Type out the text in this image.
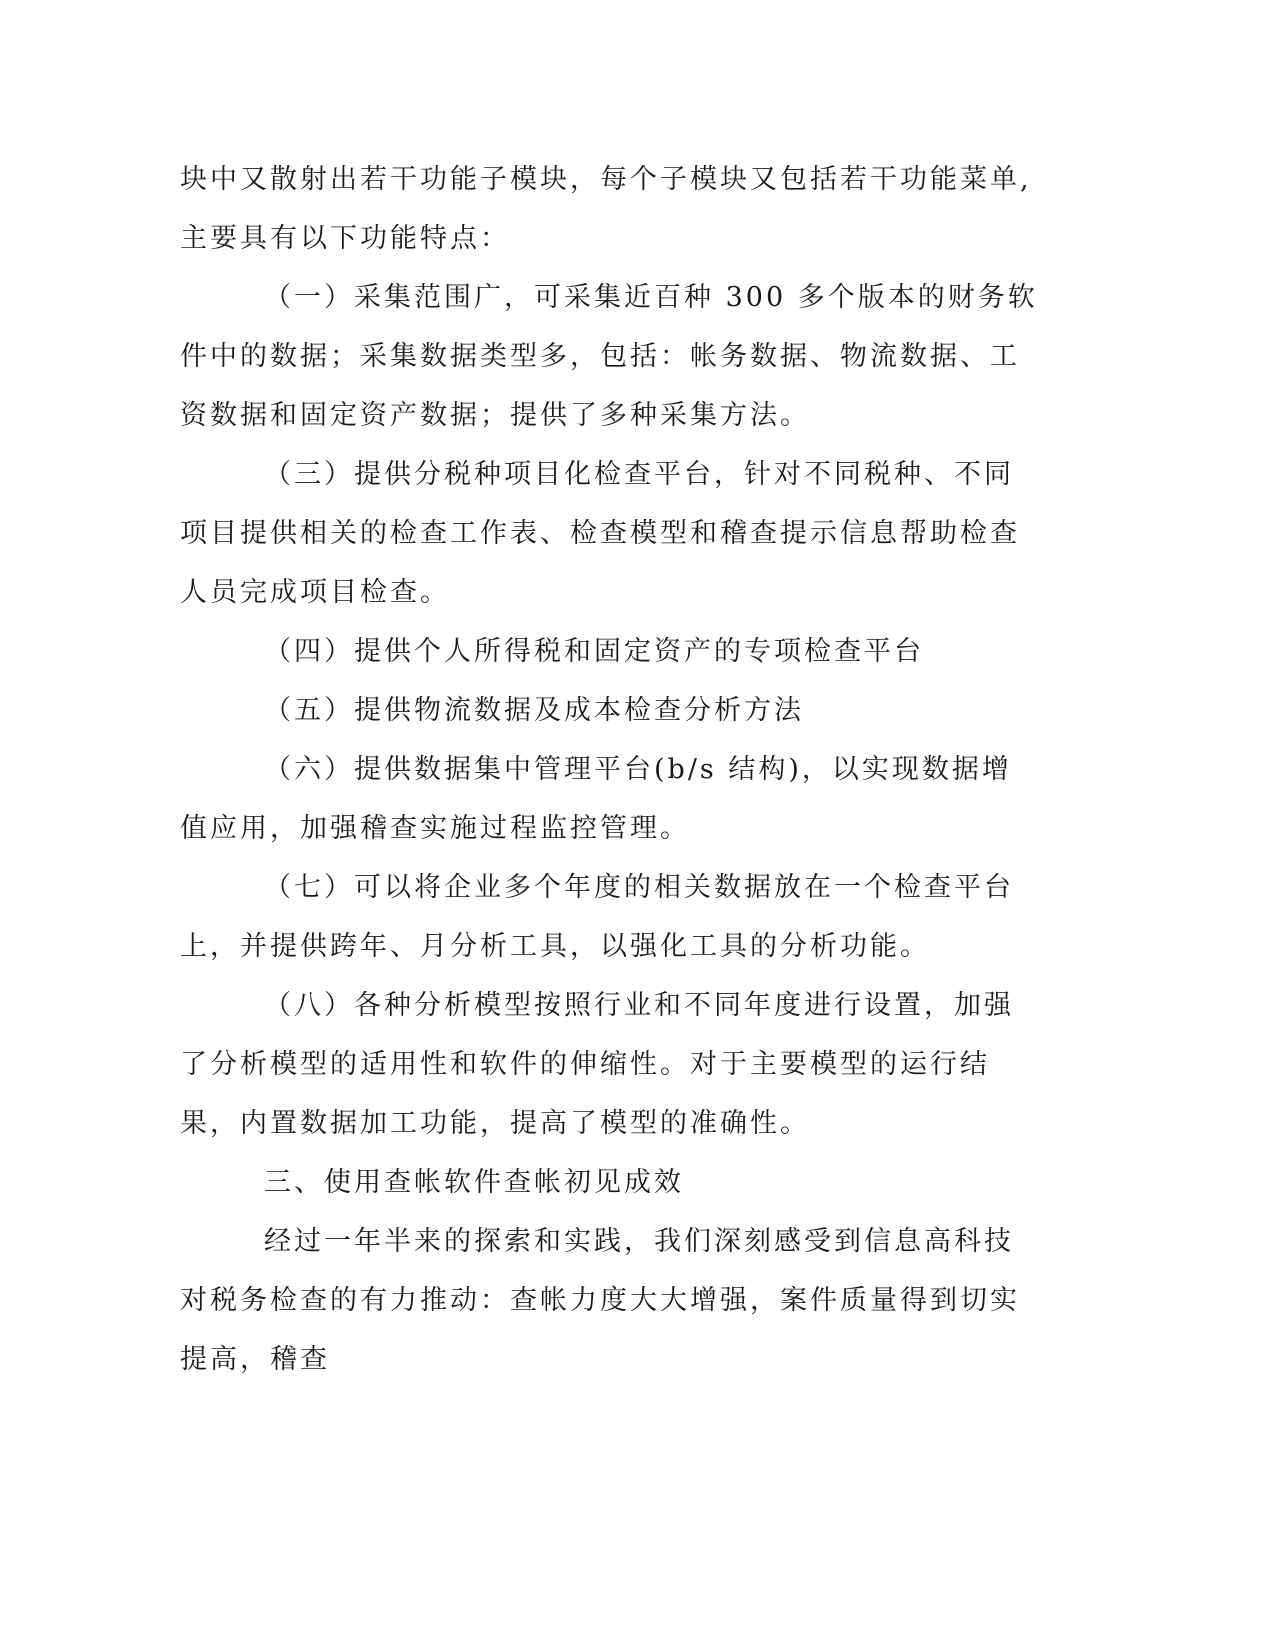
块中又散射出若干功能子模块，每个子模块又包括若干功能菜单,主要具有以下功能特点：

（一）采集范围广，可采集近百种 300 多个版本的财务软件中的数据；采集数据类型多，包括：帐务数据、物流数据、工资数据和固定资产数据；提供了多种采集方法。

（三）提供分税种项目化检查平台，针对不同税种、不同项目提供相关的检查工作表、检查模型和稽查提示信息帮助检查人员完成项目检查。

（四）提供个人所得税和固定资产的专项检查平台

（五）提供物流数据及成本检查分析方法

（六）提供数据集中管理平台(b/s 结构)，以实现数据增值应用，加强稽查实施过程监控管理。

（七）可以将企业多个年度的相关数据放在一个检查平台上，并提供跨年、月分析工具，以强化工具的分析功能。

（八）各种分析模型按照行业和不同年度进行设置，加强了分析模型的适用性和软件的伸缩性。对于主要模型的运行结果，内置数据加工功能，提高了模型的准确性。

三、使用查帐软件查帐初见成效

经过一年半来的探索和实践，我们深刻感受到信息高科技对税务检查的有力推动：查帐力度大大增强，案件质量得到切实提高，稽查
